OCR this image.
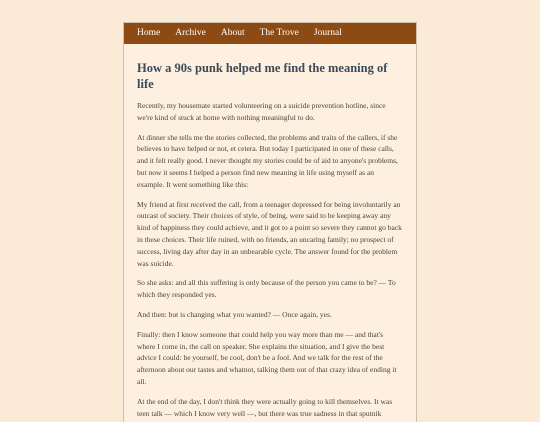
Home Archive About The Trove Journal
How a 90s punk helped me find the meaning of life

Recently, my housemate started volunteering on a suicide prevention hotline, since we're kind of stuck at home with nothing meaningful to do.

At dinner she tells me the stories collected, the problems and traits of the callers, if she believes to have helped or not, et cetera. But today I participated in one of these calls, and it felt really good. I never thought my stories could be of aid to anyone's problems, but now it seems I helped a person find new meaning in life using myself as an example. It went something like this:

My friend at first received the call, from a teenager depressed for being involuntarily an outcast of society. Their choices of style, of being, were said to be keeping away any kind of happiness they could achieve, and it got to a point so severe they cannot go back in these choices. Their life ruined, with no friends, an uncaring family; no prospect of success, living day after day in an unbearable cycle. The answer found for the problem was suicide.

So she asks: and all this suffering is only because of the person you came to be? — To which they responded yes.

And then: but is changing what you wanted? — Once again, yes.

Finally: then I know someone that could help you way more than me — and that's where I come in, the call on speaker. She explains the situation, and I give the best advice I could: be yourself, be cool, don't be a fool. And we talk for the rest of the afternoon about our tastes and whatnot, talking them out of that crazy idea of ending it all.

At the end of the day, I don't think they were actually going to kill themselves. It was teen talk — which I know very well —, but there was true sadness in that sputnik
